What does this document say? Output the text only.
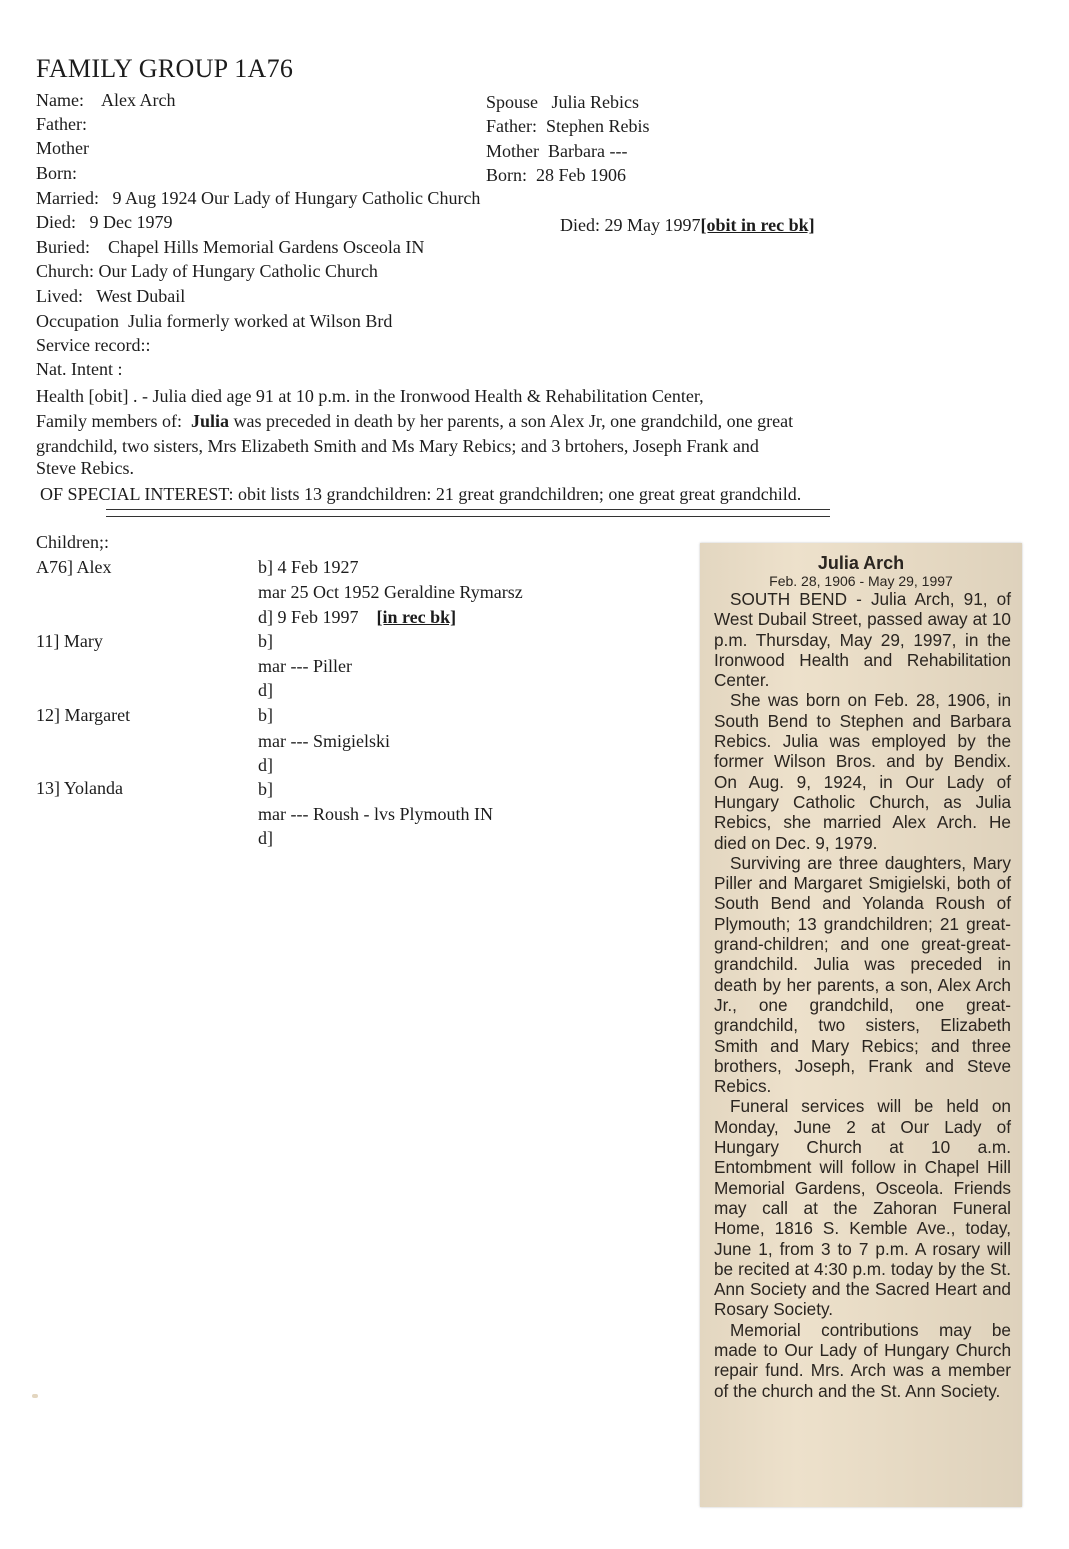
FAMILY GROUP 1A76
Name: Alex Arch
Father:
Mother
Born:
Married: 9 Aug 1924 Our Lady of Hungary Catholic Church
Died: 9 Dec 1979
Buried: Chapel Hills Memorial Gardens Osceola IN
Church: Our Lady of Hungary Catholic Church
Lived: West Dubail
Occupation Julia formerly worked at Wilson Brd
Service record::
Nat. Intent :
Spouse Julia Rebics
Father: Stephen Rebis
Mother Barbara ---
Born: 28 Feb 1906
Died: 29 May 1997[obit in rec bk]
Health [obit] . - Julia died age 91 at 10 p.m. in the Ironwood Health & Rehabilitation Center,
Family members of: Julia was preceded in death by her parents, a son Alex Jr, one grandchild, one great
grandchild, two sisters, Mrs Elizabeth Smith and Ms Mary Rebics; and 3 brtohers, Joseph Frank and
Steve Rebics.
OF SPECIAL INTEREST: obit lists 13 grandchildren: 21 great grandchildren; one great great grandchild.
Children;:
A76] Alex	b] 4 Feb 1927
mar 25 Oct 1952 Geraldine Rymarsz
d] 9 Feb 1997 [in rec bk]
11] Mary	b]
mar --- Piller
d]
12] Margaret	b]
mar --- Smigielski
d]
13] Yolanda	b]
mar --- Roush - lvs Plymouth IN
d]
Julia Arch
Feb. 28, 1906 - May 29, 1997

SOUTH BEND - Julia Arch, 91, of West Dubail Street, passed away at 10 p.m. Thursday, May 29, 1997, in the Ironwood Health and Rehabilitation Center.

She was born on Feb. 28, 1906, in South Bend to Stephen and Barbara Rebics. Julia was employed by the former Wilson Bros. and by Bendix. On Aug. 9, 1924, in Our Lady of Hungary Catholic Church, as Julia Rebics, she married Alex Arch. He died on Dec. 9, 1979.

Surviving are three daughters, Mary Piller and Margaret Smigielski, both of South Bend and Yolanda Roush of Plymouth; 13 grandchildren; 21 great-grand-children; and one great-great-grandchild. Julia was preceded in death by her parents, a son, Alex Arch Jr., one grandchild, one great-grandchild, two sisters, Elizabeth Smith and Mary Rebics; and three brothers, Joseph, Frank and Steve Rebics.

Funeral services will be held on Monday, June 2 at Our Lady of Hungary Church at 10 a.m. Entombment will follow in Chapel Hill Memorial Gardens, Osceola. Friends may call at the Zahoran Funeral Home, 1816 S. Kemble Ave., today, June 1, from 3 to 7 p.m. A rosary will be recited at 4:30 p.m. today by the St. Ann Society and the Sacred Heart and Rosary Society.

Memorial contributions may be made to Our Lady of Hungary Church repair fund. Mrs. Arch was a member of the church and the St. Ann Society.
